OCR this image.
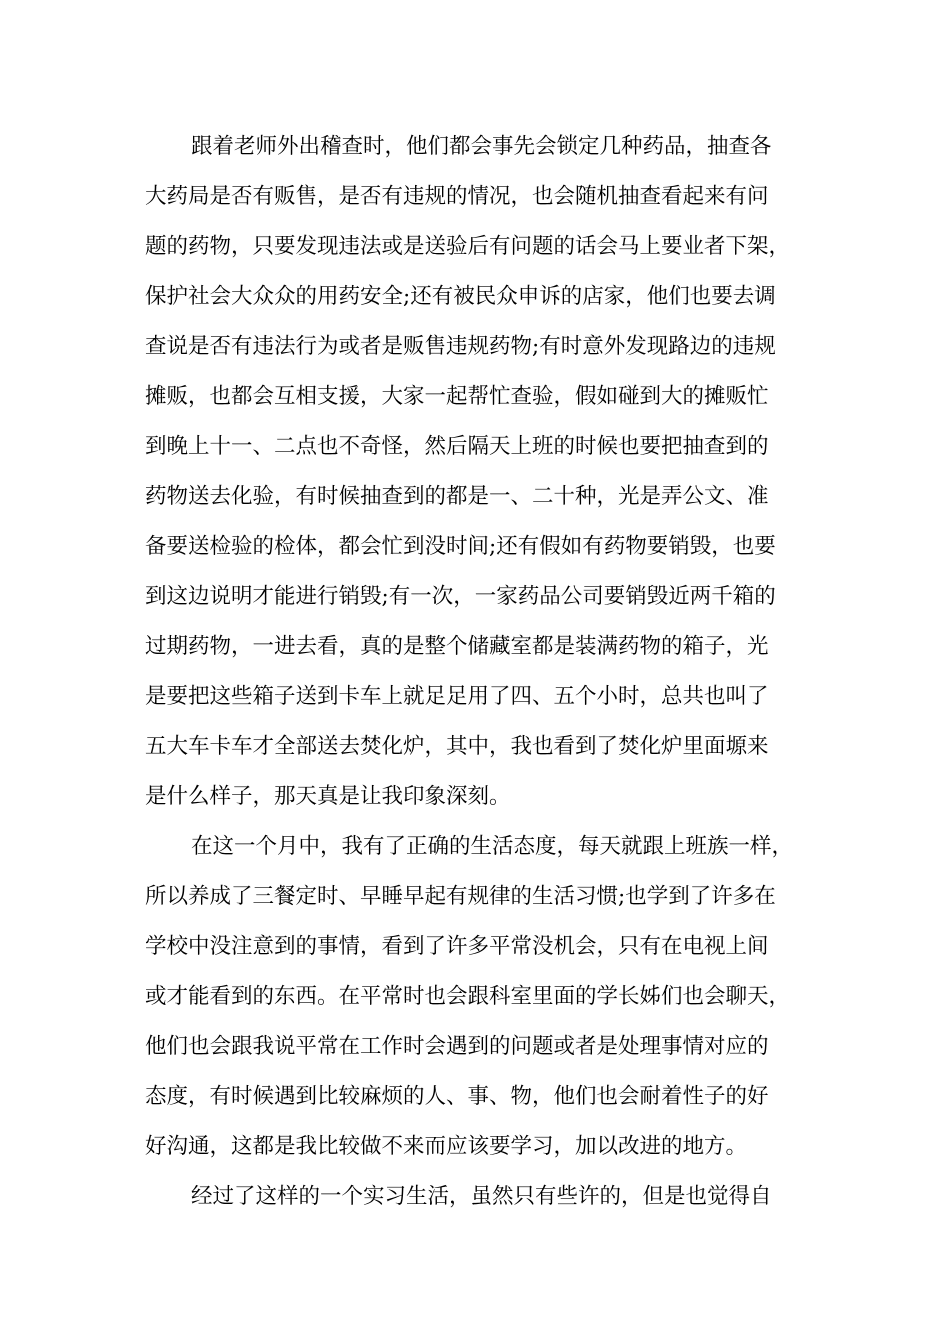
跟着老师外出稽查时，他们都会事先会锁定几种药品，抽查各
大药局是否有贩售，是否有违规的情况，也会随机抽查看起来有问
题的药物，只要发现违法或是送验后有问题的话会马上要业者下架，
保护社会大众众的用药安全;还有被民众申诉的店家，他们也要去调
查说是否有违法行为或者是贩售违规药物;有时意外发现路边的违规
摊贩，也都会互相支援，大家一起帮忙查验，假如碰到大的摊贩忙
到晚上十一、二点也不奇怪，然后隔天上班的时候也要把抽查到的
药物送去化验，有时候抽查到的都是一、二十种，光是弄公文、准
备要送检验的检体，都会忙到没时间;还有假如有药物要销毁，也要
到这边说明才能进行销毁;有一次，一家药品公司要销毁近两千箱的
过期药物，一进去看，真的是整个储藏室都是装满药物的箱子，光
是要把这些箱子送到卡车上就足足用了四、五个小时，总共也叫了
五大车卡车才全部送去焚化炉，其中，我也看到了焚化炉里面塬来
是什么样子，那天真是让我印象深刻。
在这一个月中，我有了正确的生活态度，每天就跟上班族一样，
所以养成了三餐定时、早睡早起有规律的生活习惯;也学到了许多在
学校中没注意到的事情，看到了许多平常没机会，只有在电视上间
或才能看到的东西。在平常时也会跟科室里面的学长姊们也会聊天，
他们也会跟我说平常在工作时会遇到的问题或者是处理事情对应的
态度，有时候遇到比较麻烦的人、事、物，他们也会耐着性子的好
好沟通，这都是我比较做不来而应该要学习，加以改进的地方。
经过了这样的一个实习生活，虽然只有些许的，但是也觉得自
